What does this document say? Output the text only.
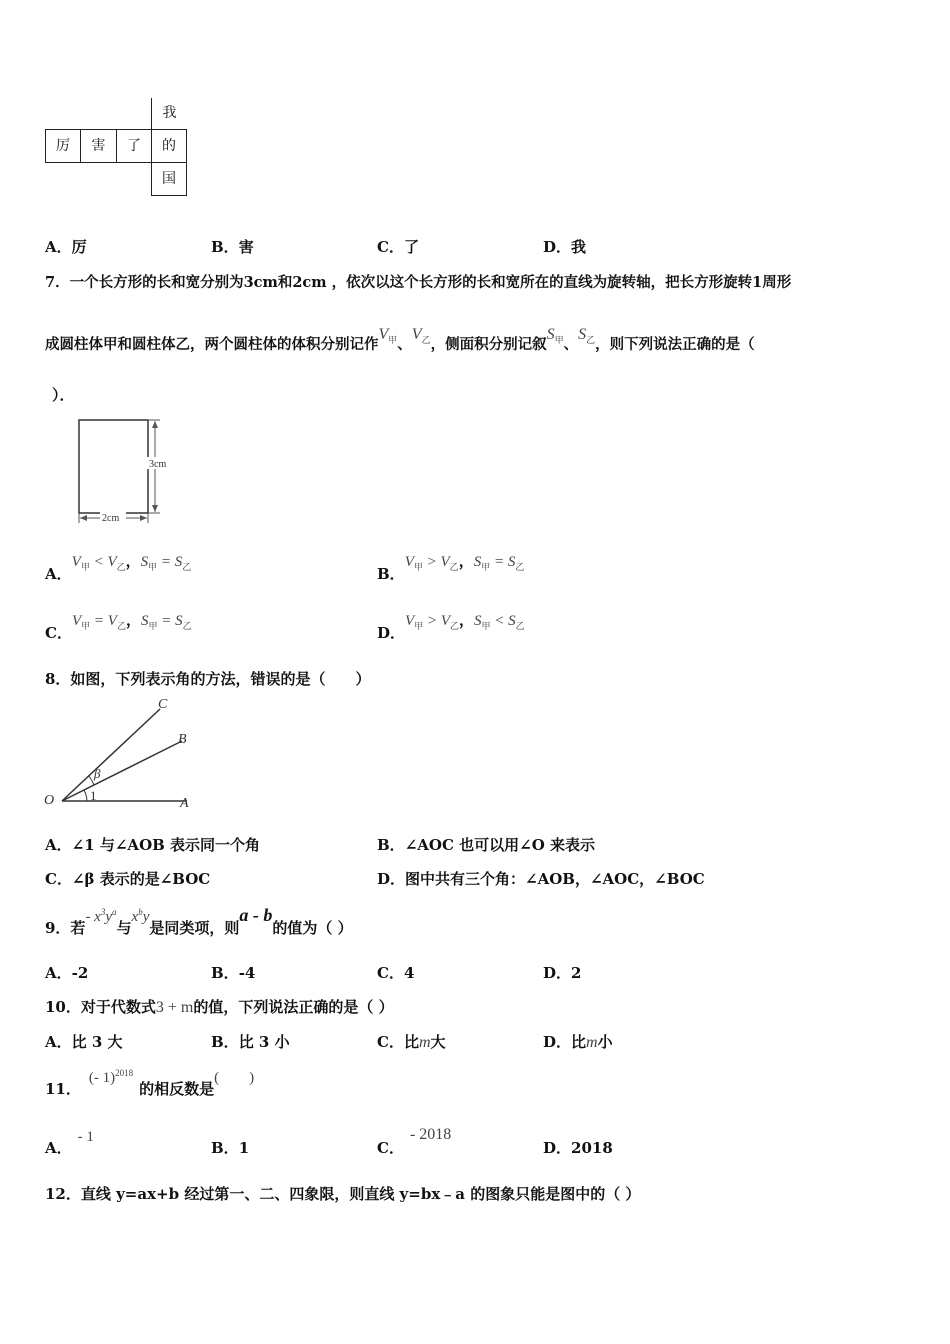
厉	害	了
我
的
国
A．厉	B．害	C．了	D．我
7．一个长方形的长和宽分别为3cm和2cm ，依次以这个长方形的长和宽所在的直线为旋转轴，把长方形旋转1周形
成圆柱体甲和圆柱体乙，两个圆柱体的体积分别记作$V_甲$、$V_乙$，侧面积分别记叙$S_甲$、$S_乙$，则下列说法正确的是（
）．
3cm
2cm
A．$V_甲 < V_乙$，$S_甲 = S_乙$	B．$V_甲 > V_乙$，$S_甲 = S_乙$
C．$V_甲 = V_乙$，$S_甲 = S_乙$	D．$V_甲 > V_乙$，$S_甲 < S_乙$
8．如图，下列表示角的方法，错误的是（　　）
C
B
O	A
β
1
A．∠1 与∠AOB 表示同一个角	B．∠AOC 也可以用∠O 来表示
C．∠β 表示的是∠BOC	D．图中共有三个角：∠AOB，∠AOC，∠BOC
9．若- $x^3y^a$与$x^by$是同类项，则a - b的值为（ ）
A．-2	B．-4	C．4	D．2
10．对于代数式3 + m的值，下列说法正确的是（ ）
A．比 3 大	B．比 3 小	C．比m大	D．比m小
11．(- 1)$^{2018}$的相反数是(　　)
A．- 1
B．1	C．- 2018
D．2018
12．直线 y=ax+b 经过第一、二、四象限，则直线 y=bx﹣a 的图象只能是图中的（ ）
